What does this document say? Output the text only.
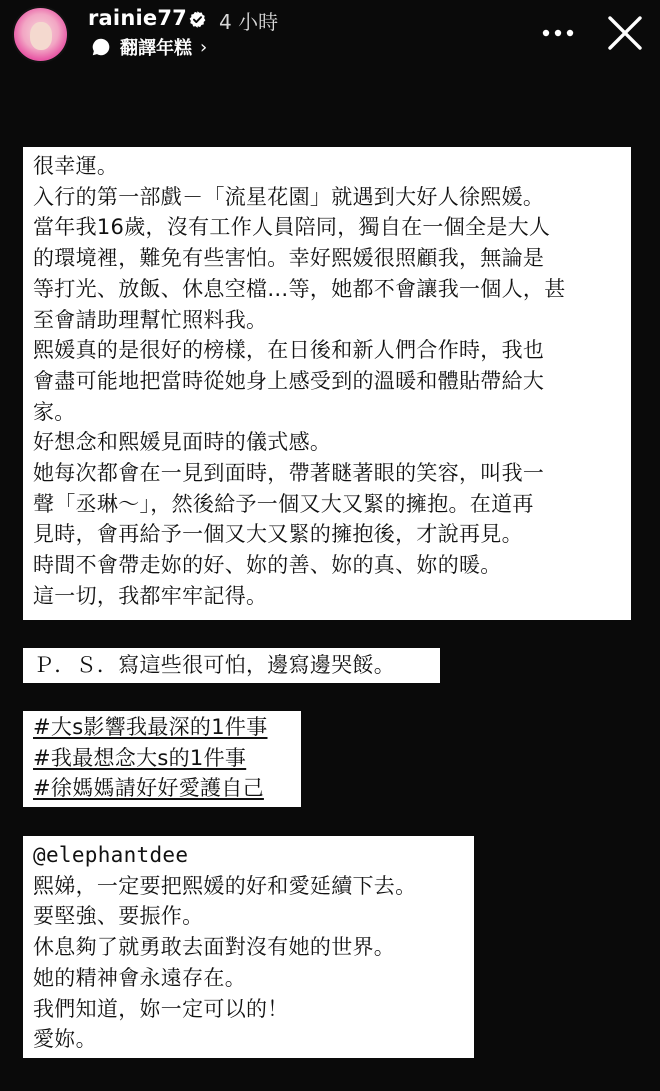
rainie77 4 小時
翻譯年糕 ›
很幸運。
入行的第一部戲－「流星花園」就遇到大好人徐熙媛。
當年我16歲，沒有工作人員陪同，獨自在一個全是大人
的環境裡，難免有些害怕。幸好熙媛很照顧我，無論是
等打光、放飯、休息空檔…等，她都不會讓我一個人，甚
至會請助理幫忙照料我。
熙媛真的是很好的榜樣，在日後和新人們合作時，我也
會盡可能地把當時從她身上感受到的溫暖和體貼帶給大
家。
好想念和熙媛見面時的儀式感。
她每次都會在一見到面時，帶著瞇著眼的笑容，叫我一
聲「丞琳～」，然後給予一個又大又緊的擁抱。在道再
見時，會再給予一個又大又緊的擁抱後，才說再見。
時間不會帶走妳的好、妳的善、妳的真、妳的暖。
這一切，我都牢牢記得。
Ｐ．Ｓ．寫這些很可怕，邊寫邊哭餒。
#大s影響我最深的1件事
#我最想念大s的1件事
#徐媽媽請好好愛護自己
@elephantdee
熙娣，一定要把熙媛的好和愛延續下去。
要堅強、要振作。
休息夠了就勇敢去面對沒有她的世界。
她的精神會永遠存在。
我們知道，妳一定可以的！
愛妳。
